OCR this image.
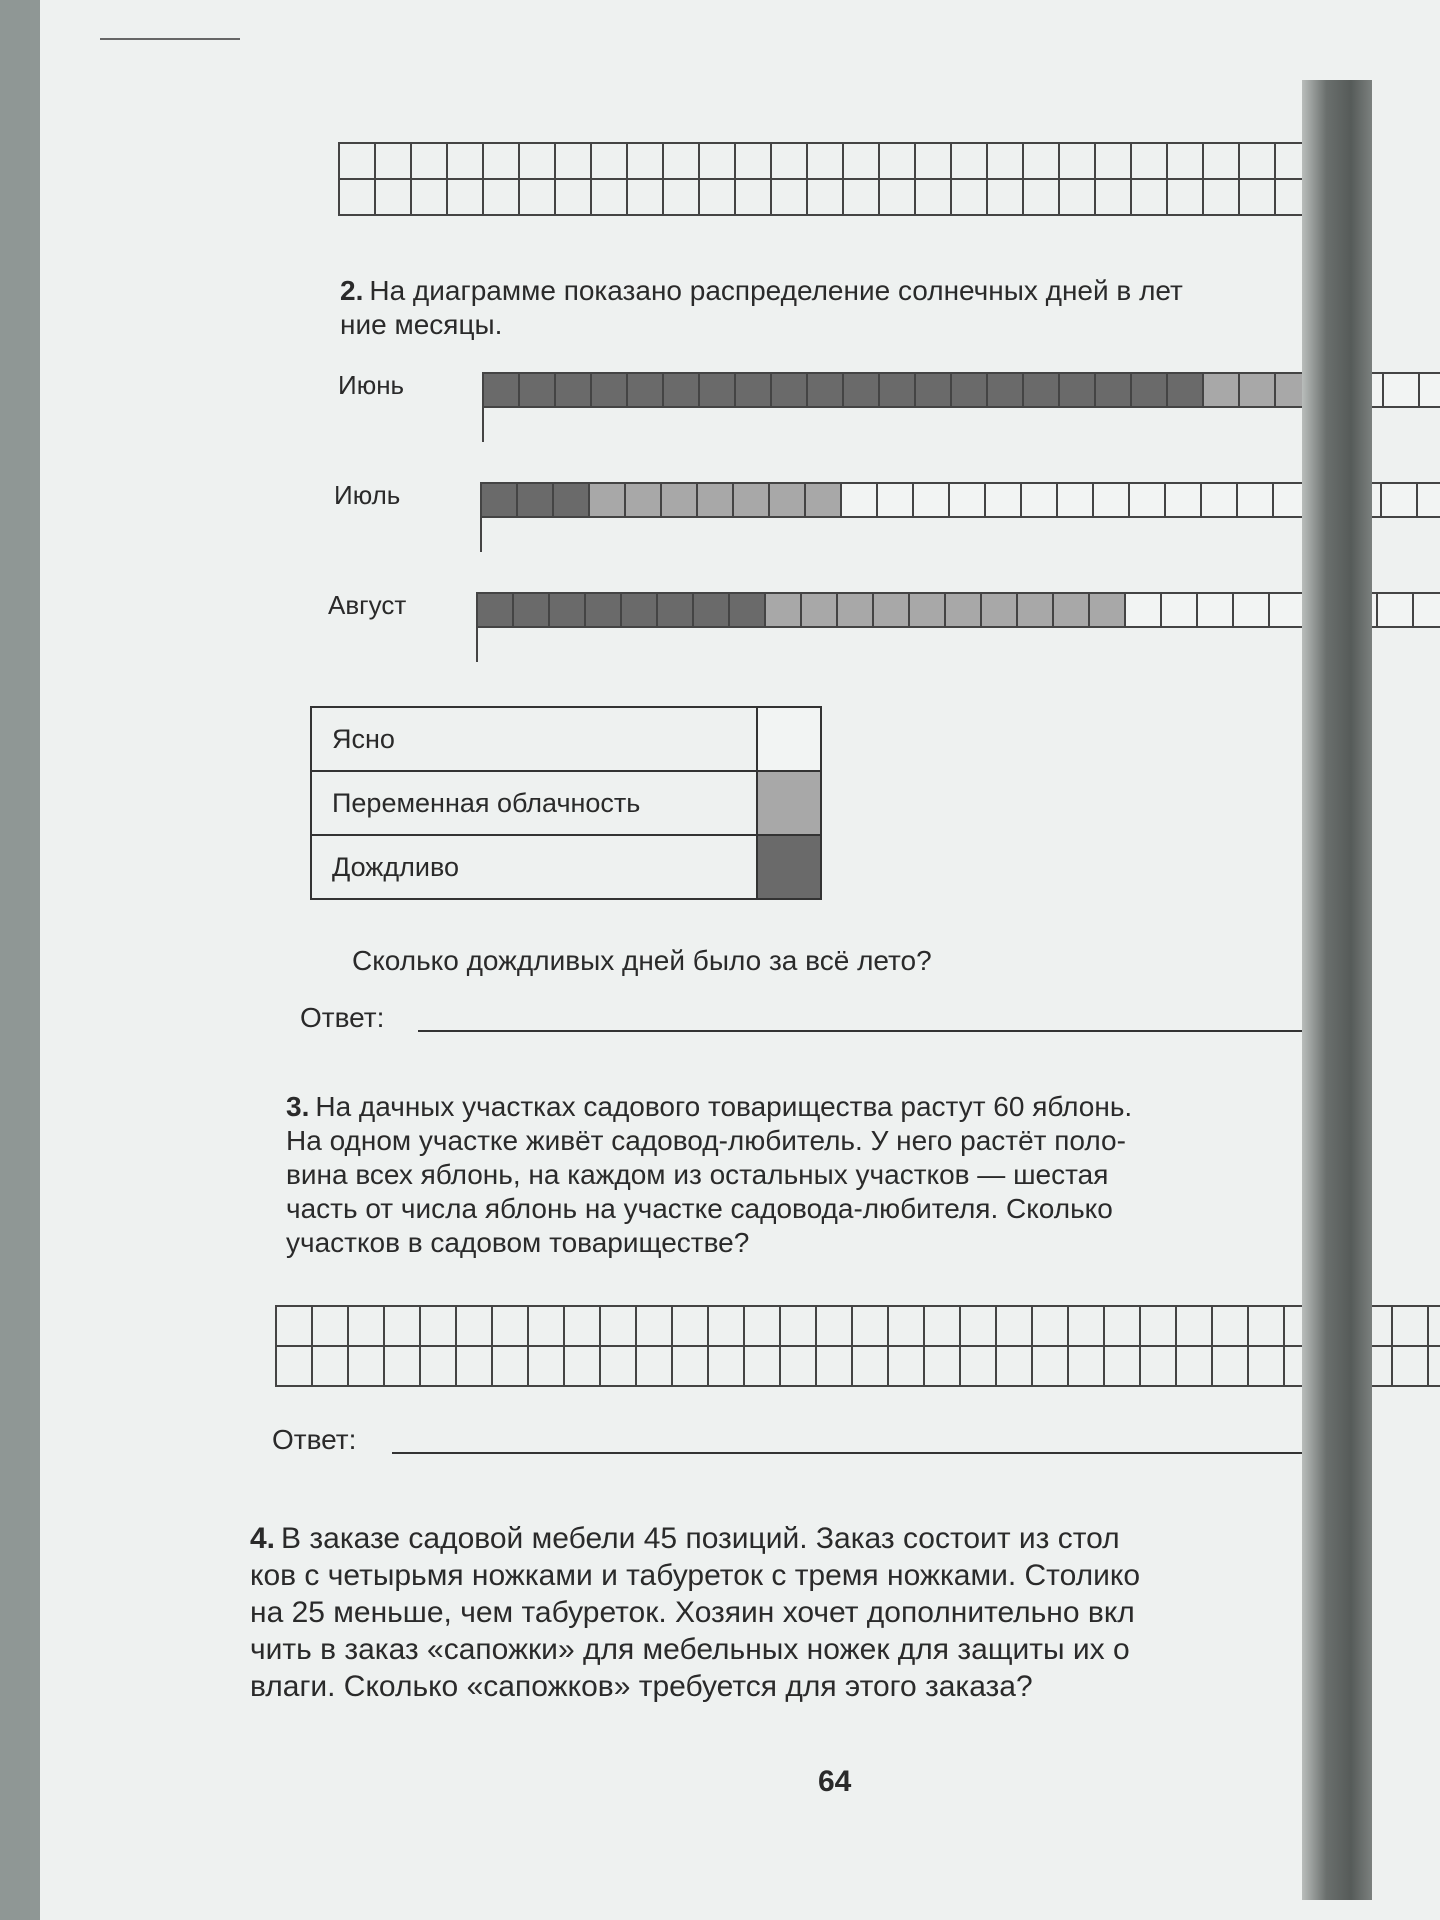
2. На диаграмме показано распределение солнечных дней в лет
ние месяцы.
Июнь
Июль
Август
Ясно	
Переменная облачность	
Дождливо	
Сколько дождливых дней было за всё лето?
Ответ:
3. На дачных участках садового товарищества растут 60 яблонь.
На одном участке живёт садовод-любитель. У него растёт поло-
вина всех яблонь, на каждом из остальных участков — шестая
часть от числа яблонь на участке садовода-любителя. Сколько
участков в садовом товариществе?
Ответ:
4. В заказе садовой мебели 45 позиций. Заказ состоит из стол
ков с четырьмя ножками и табуреток с тремя ножками. Столико
на 25 меньше, чем табуреток. Хозяин хочет дополнительно вкл
чить в заказ «сапожки» для мебельных ножек для защиты их о
влаги. Сколько «сапожков» требуется для этого заказа?
64
